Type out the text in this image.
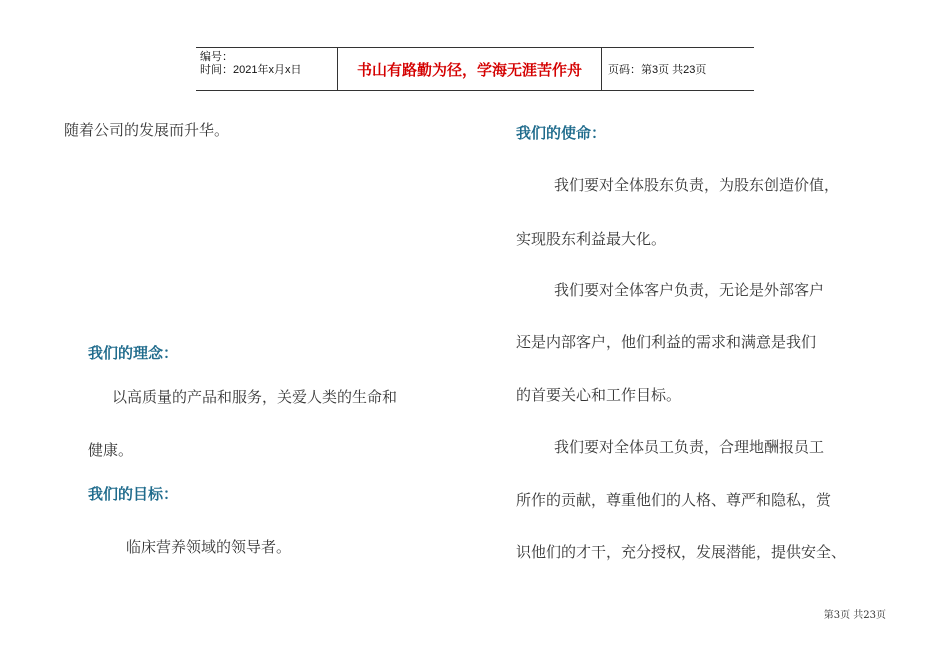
编号：
时间：2021年x月x日	书山有路勤为径，学海无涯苦作舟	页码：第3页 共23页
随着公司的发展而升华。
我们的理念：
以高质量的产品和服务，关爱人类的生命和
健康。
我们的目标：
临床营养领域的领导者。
我们的使命：
我们要对全体股东负责，为股东创造价值，
实现股东利益最大化。
我们要对全体客户负责，无论是外部客户
还是内部客户，他们利益的需求和满意是我们
的首要关心和工作目标。
我们要对全体员工负责，合理地酬报员工
所作的贡献，尊重他们的人格、尊严和隐私，赏
识他们的才干，充分授权，发展潜能，提供安全、
第3页 共23页
